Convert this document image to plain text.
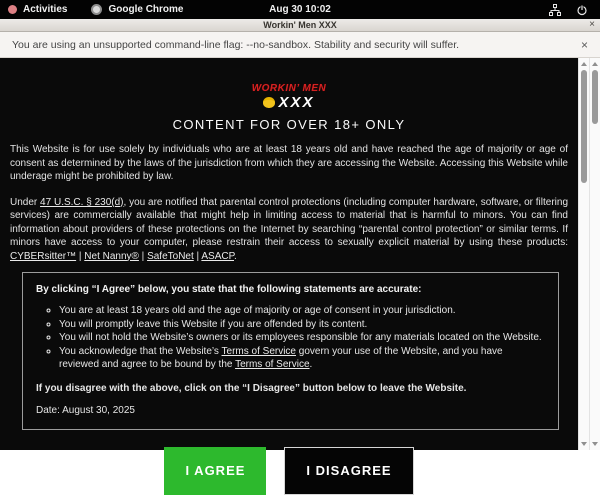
Activities	Google Chrome	Aug 30 10:02
Workin' Men XXX	×
You are using an unsupported command-line flag: --no-sandbox. Stability and security will suffer.	×
WORKIN’ MEN
XXX
CONTENT FOR OVER 18+ ONLY

This Website is for use solely by individuals who are at least 18 years old and have reached the age of majority or age of consent as determined by the laws of the jurisdiction from which they are accessing the Website. Accessing this Website while underage might be prohibited by law.

Under 47 U.S.C. § 230(d), you are notified that parental control protections (including computer hardware, software, or filtering services) are commercially available that might help in limiting access to material that is harmful to minors. You can find information about providers of these protections on the Internet by searching “parental control protection” or similar terms. If minors have access to your computer, please restrain their access to sexually explicit material by using these products: CYBERsitter™ | Net Nanny® | SafeToNet | ASACP.

By clicking “I Agree” below, you state that the following statements are accurate:
◦ You are at least 18 years old and the age of majority or age of consent in your jurisdiction.
◦ You will promptly leave this Website if you are offended by its content.
◦ You will not hold the Website’s owners or its employees responsible for any materials located on the Website.
◦ You acknowledge that the Website’s Terms of Service govern your use of the Website, and you have reviewed and agree to be bound by the Terms of Service.
If you disagree with the above, click on the “I Disagree” button below to leave the Website.
Date: August 30, 2025
I AGREE	I DISAGREE
